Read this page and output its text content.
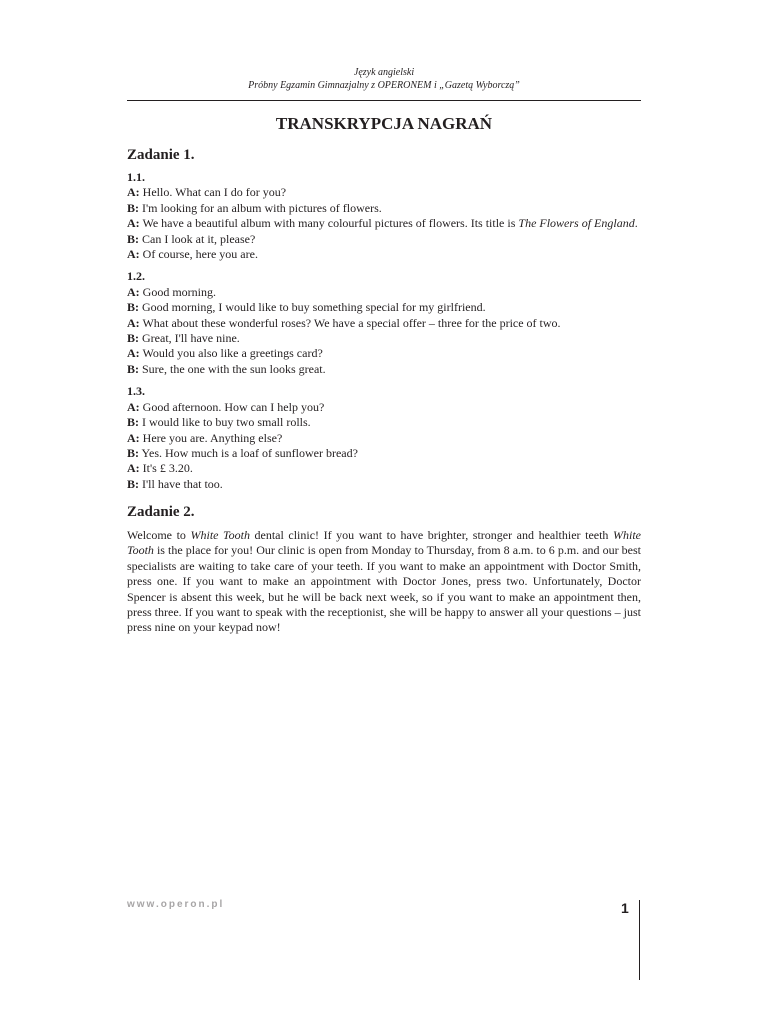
Język angielski
Próbny Egzamin Gimnazjalny z OPERONEM i „Gazetą Wyborczą”
TRANSKRYPCJA NAGRAŃ
Zadanie 1.
1.1.
A: Hello. What can I do for you?
B: I'm looking for an album with pictures of flowers.
A: We have a beautiful album with many colourful pictures of flowers. Its title is The Flowers of England.
B: Can I look at it, please?
A: Of course, here you are.
1.2.
A: Good morning.
B: Good morning, I would like to buy something special for my girlfriend.
A: What about these wonderful roses? We have a special offer – three for the price of two.
B: Great, I'll have nine.
A: Would you also like a greetings card?
B: Sure, the one with the sun looks great.
1.3.
A: Good afternoon. How can I help you?
B: I would like to buy two small rolls.
A: Here you are. Anything else?
B: Yes. How much is a loaf of sunflower bread?
A: It's £ 3.20.
B: I'll have that too.
Zadanie 2.
Welcome to White Tooth dental clinic! If you want to have brighter, stronger and healthier teeth White Tooth is the place for you! Our clinic is open from Monday to Thursday, from 8 a.m. to 6 p.m. and our best specialists are waiting to take care of your teeth. If you want to make an appointment with Doctor Smith, press one. If you want to make an appointment with Doctor Jones, press two. Unfortunately, Doctor Spencer is absent this week, but he will be back next week, so if you want to make an appointment then, press three. If you want to speak with the receptionist, she will be happy to answer all your questions – just press nine on your keypad now!
www.operon.pl	1
